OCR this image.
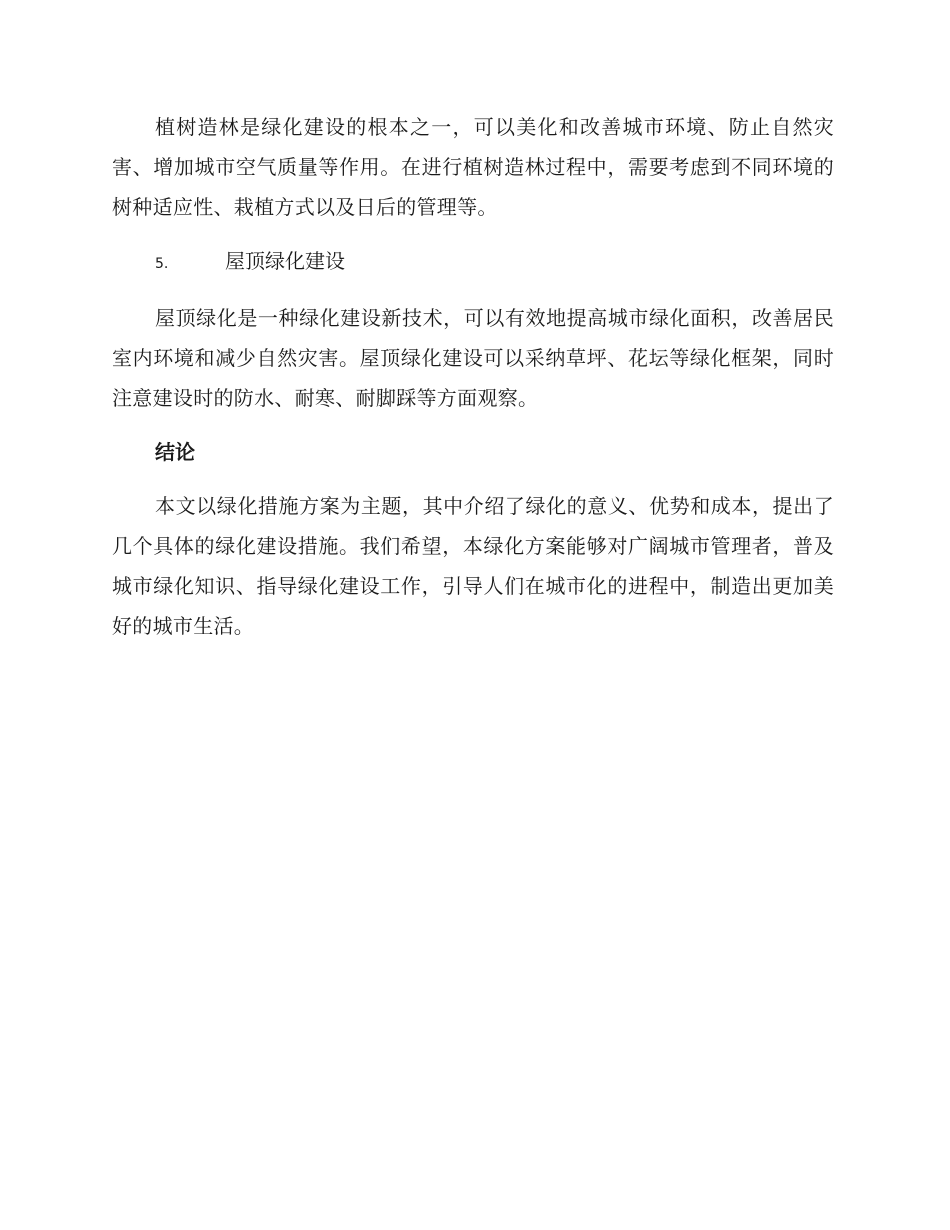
植树造林是绿化建设的根本之一，可以美化和改善城市环境、防止自然灾害、增加城市空气质量等作用。在进行植树造林过程中，需要考虑到不同环境的树种适应性、栽植方式以及日后的管理等。

5.	屋顶绿化建设

屋顶绿化是一种绿化建设新技术，可以有效地提高城市绿化面积，改善居民室内环境和减少自然灾害。屋顶绿化建设可以采纳草坪、花坛等绿化框架，同时注意建设时的防水、耐寒、耐脚踩等方面观察。

结论

本文以绿化措施方案为主题，其中介绍了绿化的意义、优势和成本，提出了几个具体的绿化建设措施。我们希望，本绿化方案能够对广阔城市管理者，普及城市绿化知识、指导绿化建设工作，引导人们在城市化的进程中，制造出更加美好的城市生活。
